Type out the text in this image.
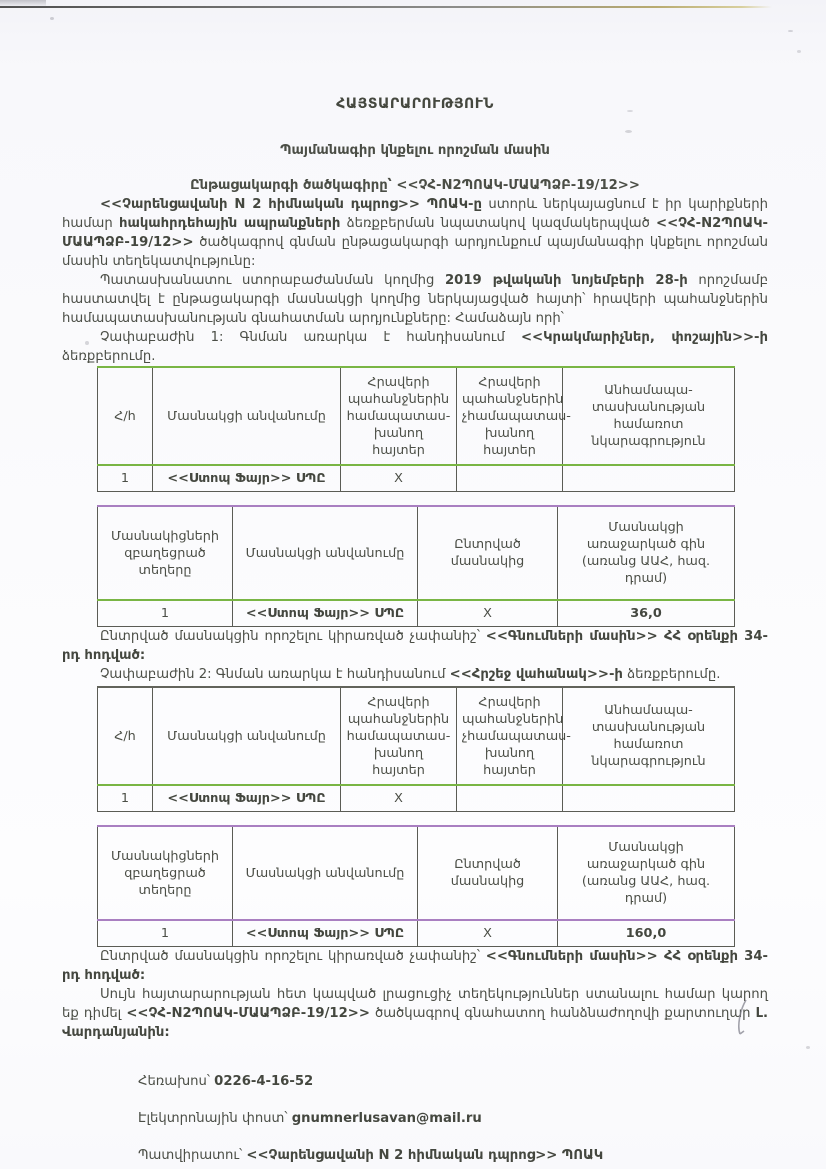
ՀԱՅՏԱՐԱՐՈՒԹՅՈՒՆ
Պայմանագիր կնքելու որոշման մասին
Ընթացակարգի ծածկագիրը՝ <<ՉՀ-N2ՊՈԱԿ-ՄԱԱՊՁԲ-19/12>>

<<Չարենցավանի N 2 հիմնական դպրոց>> ՊՈԱԿ-ը ստորև ներկայացնում է իր կարիքների համար հակահրդեհային ապրանքների ձեռքբերման նպատակով կազմակերպված <<ՉՀ-N2ՊՈԱԿ-ՄԱԱՊՁԲ-19/12>> ծածկագրով գնման ընթացակարգի արդյունքում պայմանագիր կնքելու որոշման մասին տեղեկատվությունը:

Պատասխանատու ստորաբաժանման կողմից 2019 թվականի նոյեմբերի 28-ի որոշմամբ հաստատվել է ընթացակարգի մասնակցի կողմից ներկայացված հայտի՝ հրավերի պահանջներին համապատասխանության գնահատման արդյունքները: Համաձայն որի՝

Չափաբաժին 1: Գնման առարկա է հանդիսանում <<Կրակմարիչներ, փոշային>>-ի ձեռքբերումը.

Հ/հ	Մասնակցի անվանումը	Հրավերի պահանջներին համապատաս-խանող հայտեր	Հրավերի պահանջներին չհամապատաս-խանող հայտեր	Անհամապա-տասխանության համառոտ նկարագրություն
1	<<Ստոպ Ֆայր>> ՍՊԸ	X		
Մասնակիցների զբաղեցրած տեղերը	Մասնակցի անվանումը	Ընտրված մասնակից	Մասնակցի առաջարկած գին (առանց ԱԱՀ, հազ. դրամ)
1	<<Ստոպ Ֆայր>> ՍՊԸ	X	36,0

Ընտրված մասնակցին որոշելու կիրառված չափանիշ՝ <<Գնումների մասին>> ՀՀ օրենքի 34-րդ հոդված:

Չափաբաժին 2: Գնման առարկա է հանդիսանում <<Հրշեջ վահանակ>>-ի ձեռքբերումը.

Հ/հ	Մասնակցի անվանումը	Հրավերի պահանջներին համապատաս-խանող հայտեր	Հրավերի պահանջներին չհամապատաս-խանող հայտեր	Անհամապա-տասխանության համառոտ նկարագրություն
1	<<Ստոպ Ֆայր>> ՍՊԸ	X		
Մասնակիցների զբաղեցրած տեղերը	Մասնակցի անվանումը	Ընտրված մասնակից	Մասնակցի առաջարկած գին (առանց ԱԱՀ, հազ. դրամ)
1	<<Ստոպ Ֆայր>> ՍՊԸ	X	160,0

Ընտրված մասնակցին որոշելու կիրառված չափանիշ՝ <<Գնումների մասին>> ՀՀ օրենքի 34-րդ հոդված:

Սույն հայտարարության հետ կապված լրացուցիչ տեղեկություններ ստանալու համար կարող եք դիմել <<ՉՀ-N2ՊՈԱԿ-ՄԱԱՊՁԲ-19/12>> ծածկագրով գնահատող հանձնաժողովի քարտուղար Լ. Վարդանյանին:

Հեռախոս՝ 0226-4-16-52

Էլեկտրոնային փոստ՝ gnumnerlusavan@mail.ru

Պատվիրատու՝ <<Չարենցավանի N 2 հիմնական դպրոց>> ՊՈԱԿ
